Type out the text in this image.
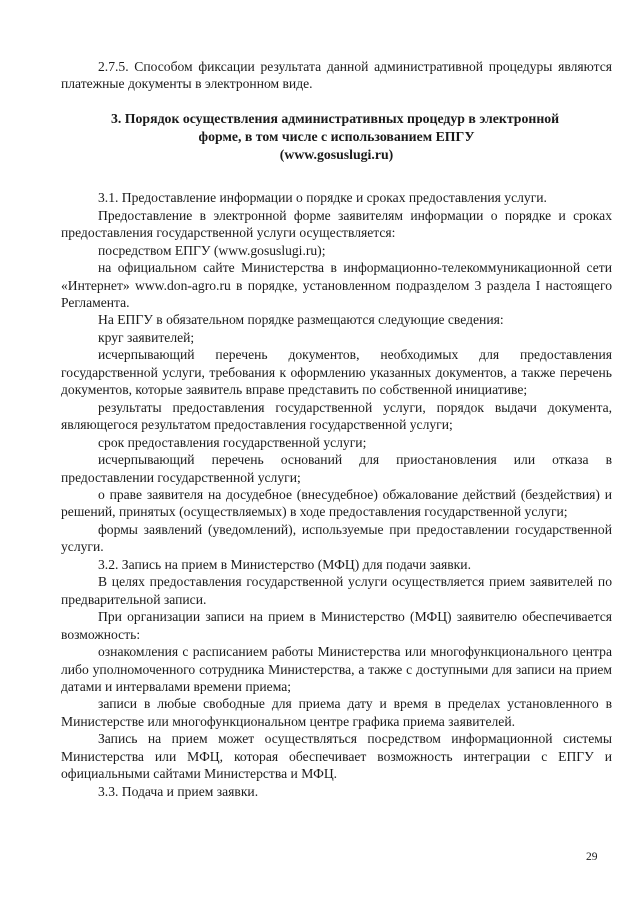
2.7.5. Способом фиксации результата данной административной процедуры являются платежные документы в электронном виде.

3. Порядок осуществления административных процедур в электронной
форме, в том числе с использованием ЕПГУ
(www.gosuslugi.ru)

3.1. Предоставление информации о порядке и сроках предоставления услуги.

Предоставление в электронной форме заявителям информации о порядке и сроках предоставления государственной услуги осуществляется:

посредством ЕПГУ (www.gosuslugi.ru);

на официальном сайте Министерства в информационно-телекоммуникационной сети «Интернет» www.don-agro.ru в порядке, установленном подразделом 3 раздела I настоящего Регламента.

На ЕПГУ в обязательном порядке размещаются следующие сведения:

круг заявителей;

исчерпывающий перечень документов, необходимых для предоставления государственной услуги, требования к оформлению указанных документов, а также перечень документов, которые заявитель вправе представить по собственной инициативе;

результаты предоставления государственной услуги, порядок выдачи документа, являющегося результатом предоставления государственной услуги;

срок предоставления государственной услуги;

исчерпывающий перечень оснований для приостановления или отказа в предоставлении государственной услуги;

о праве заявителя на досудебное (внесудебное) обжалование действий (бездействия) и решений, принятых (осуществляемых) в ходе предоставления государственной услуги;

формы заявлений (уведомлений), используемые при предоставлении государственной услуги.

3.2. Запись на прием в Министерство (МФЦ) для подачи заявки.

В целях предоставления государственной услуги осуществляется прием заявителей по предварительной записи.

При организации записи на прием в Министерство (МФЦ) заявителю обеспечивается возможность:

ознакомления с расписанием работы Министерства или многофункционального центра либо уполномоченного сотрудника Министерства, а также с доступными для записи на прием датами и интервалами времени приема;

записи в любые свободные для приема дату и время в пределах установленного в Министерстве или многофункциональном центре графика приема заявителей.

Запись на прием может осуществляться посредством информационной системы Министерства или МФЦ, которая обеспечивает возможность интеграции с ЕПГУ и официальными сайтами Министерства и МФЦ.

3.3. Подача и прием заявки.

29
